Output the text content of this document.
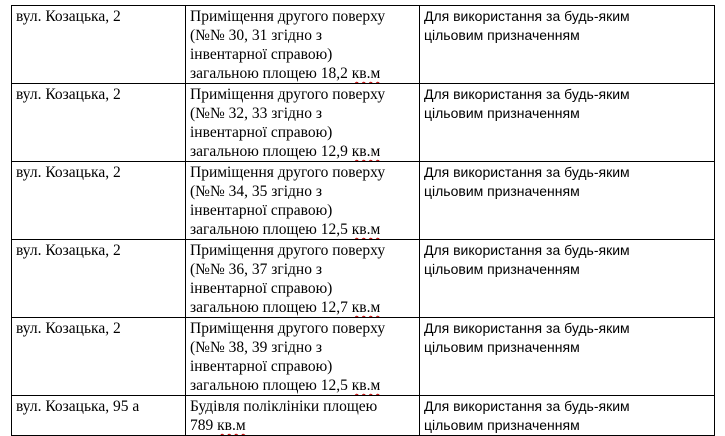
вул. Козацька, 2	Приміщення другого поверху
(№№ 30, 31 згідно з
інвентарної справою)
загальною площею 18,2 кв.м	Для використання за будь-яким
цільовим призначенням

вул. Козацька, 2	Приміщення другого поверху
(№№ 32, 33 згідно з
інвентарної справою)
загальною площею 12,9 кв.м	Для використання за будь-яким
цільовим призначенням

вул. Козацька, 2	Приміщення другого поверху
(№№ 34, 35 згідно з
інвентарної справою)
загальною площею 12,5 кв.м	Для використання за будь-яким
цільовим призначенням

вул. Козацька, 2	Приміщення другого поверху
(№№ 36, 37 згідно з
інвентарної справою)
загальною площею 12,7 кв.м	Для використання за будь-яким
цільовим призначенням

вул. Козацька, 2	Приміщення другого поверху
(№№ 38, 39 згідно з
інвентарної справою)
загальною площею 12,5 кв.м	Для використання за будь-яким
цільовим призначенням

вул. Козацька, 95 а	Будівля поліклініки площею
789 кв.м	Для використання за будь-яким
цільовим призначенням
